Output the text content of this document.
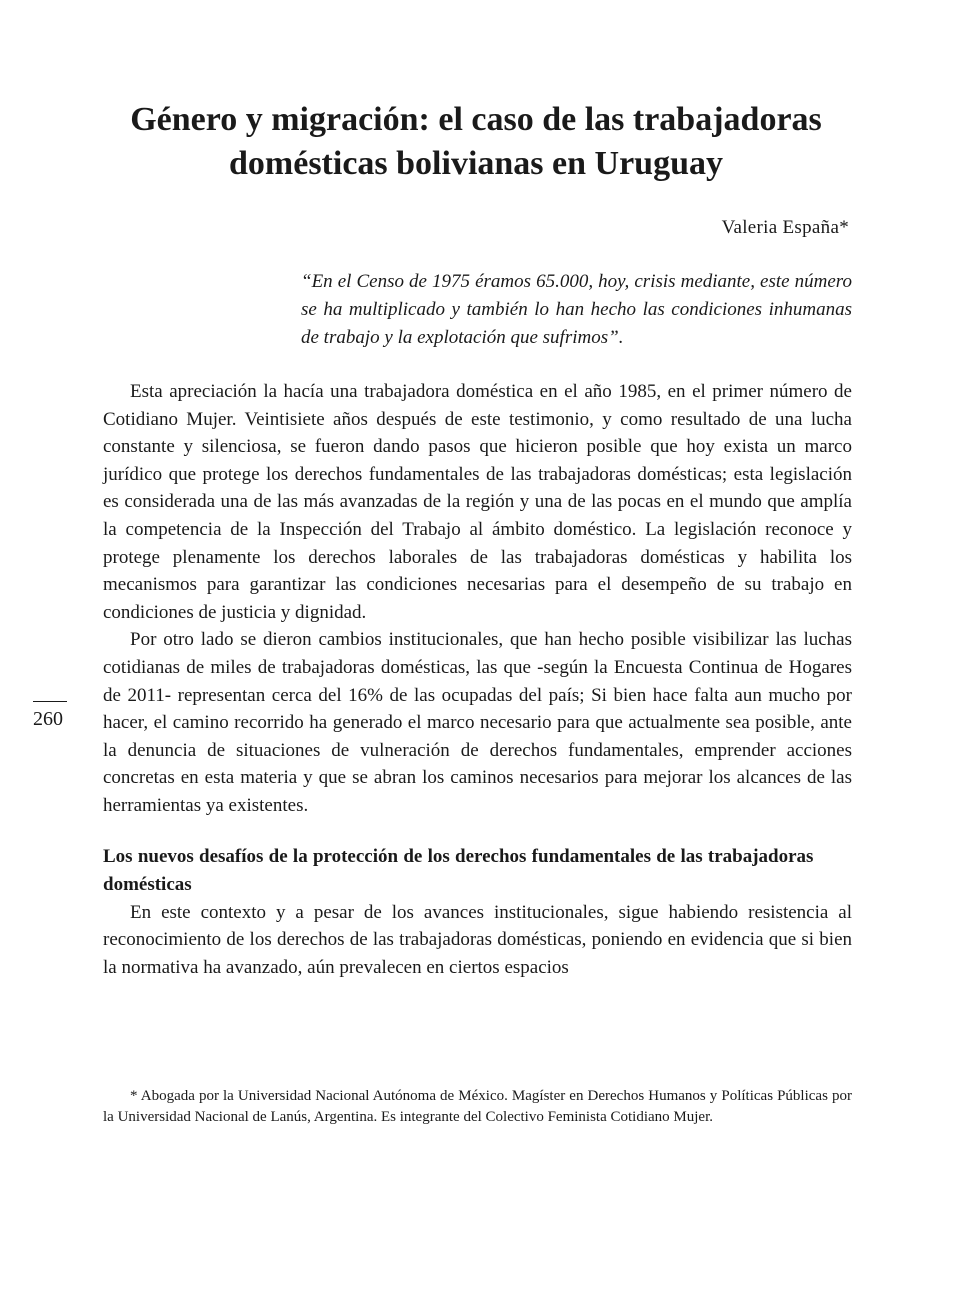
Género y migración: el caso de las trabajadoras domésticas bolivianas en Uruguay
Valeria España*

“En el Censo de 1975 éramos 65.000, hoy, crisis mediante, este número se ha multiplicado y también lo han hecho las condiciones inhumanas de trabajo y la explotación que sufrimos”.

Esta apreciación la hacía una trabajadora doméstica en el año 1985, en el primer número de Cotidiano Mujer. Veintisiete años después de este testimonio, y como resultado de una lucha constante y silenciosa, se fueron dando pasos que hicieron posible que hoy exista un marco jurídico que protege los derechos fundamentales de las trabajadoras domésticas; esta legislación es considerada una de las más avanzadas de la región y una de las pocas en el mundo que amplía la competencia de la Inspección del Trabajo al ámbito doméstico. La legislación reconoce y protege plenamente los derechos laborales de las trabajadoras domésticas y habilita los mecanismos para garantizar las condiciones necesarias para el desempeño de su trabajo en condiciones de justicia y dignidad.

Por otro lado se dieron cambios institucionales, que han hecho posible visibilizar las luchas cotidianas de miles de trabajadoras domésticas, las que -según la Encuesta Continua de Hogares de 2011- representan cerca del 16% de las ocupadas del país; Si bien hace falta aun mucho por hacer, el camino recorrido ha generado el marco necesario para que actualmente sea posible, ante la denuncia de situaciones de vulneración de derechos fundamentales, emprender acciones concretas en esta materia y que se abran los caminos necesarios para mejorar los alcances de las herramientas ya existentes.

Los nuevos desafíos de la protección de los derechos fundamentales de las trabajadoras domésticas

En este contexto y a pesar de los avances institucionales, sigue habiendo resistencia al reconocimiento de los derechos de las trabajadoras domésticas, poniendo en evidencia que si bien la normativa ha avanzado, aún prevalecen en ciertos espacios

260

* Abogada por la Universidad Nacional Autónoma de México. Magíster en Derechos Humanos y Políticas Públicas por la Universidad Nacional de Lanús, Argentina. Es integrante del Colectivo Feminista Cotidiano Mujer.
